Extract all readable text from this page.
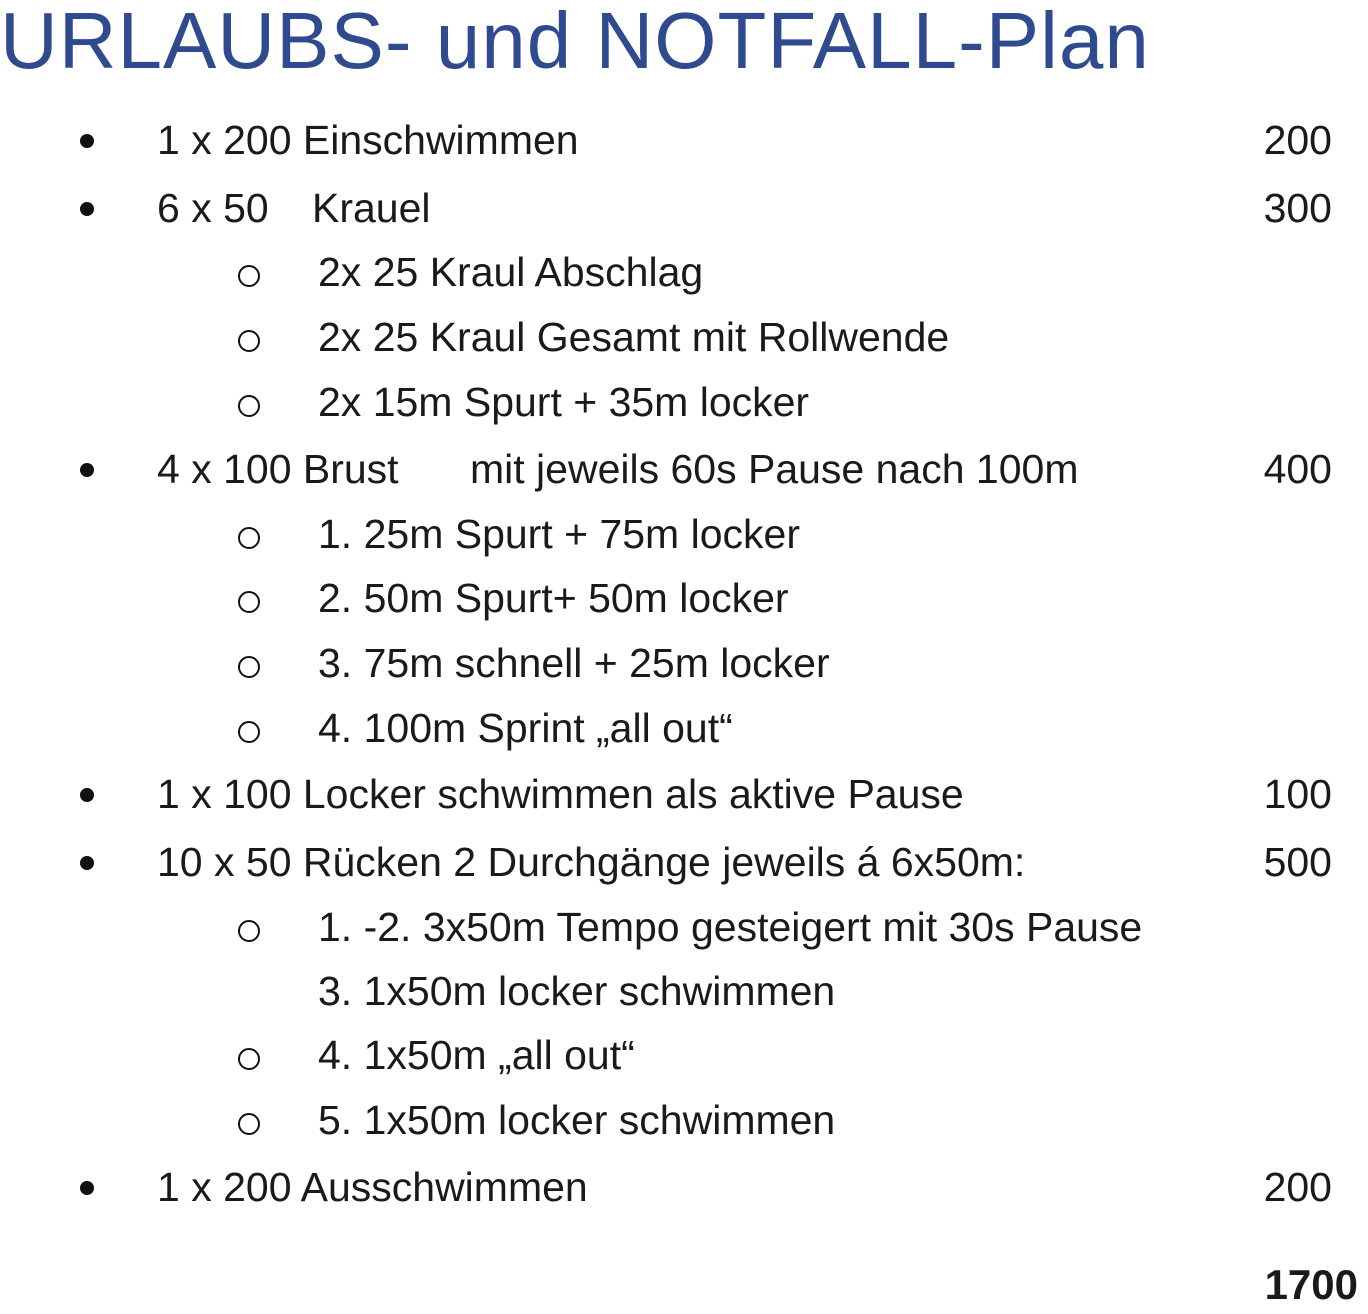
URLAUBS- und NOTFALL-Plan
1 x 200 Einschwimmen	200
6 x 50 Krauel	300
2x 25 Kraul Abschlag
2x 25 Kraul Gesamt mit Rollwende
2x 15m Spurt + 35m locker
4 x 100 Brust mit jeweils 60s Pause nach 100m	400
1. 25m Spurt + 75m locker
2. 50m Spurt+ 50m locker
3. 75m schnell + 25m locker
4. 100m Sprint „all out“
1 x 100 Locker schwimmen als aktive Pause	100
10 x 50 Rücken 2 Durchgänge jeweils á 6x50m:	500
1. -2. 3x50m Tempo gesteigert mit 30s Pause
3. 1x50m locker schwimmen
4. 1x50m „all out“
5. 1x50m locker schwimmen
1 x 200 Ausschwimmen	200
1700
